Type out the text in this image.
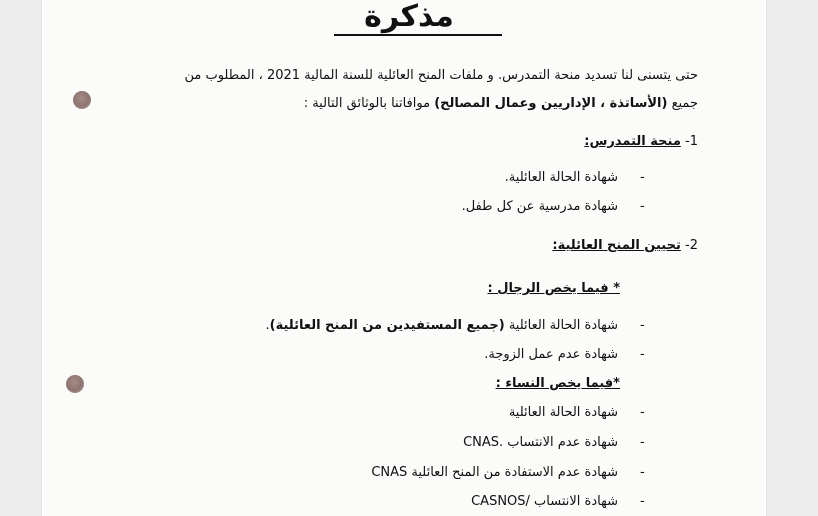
مذكرة
حتى يتسنى لنا تسديد منحة التمدرس. و ملفات المنح العائلية للسنة المالية 2021 ، المطلوب من
جميع (الأساتذة ، الإداريين وعمال المصالح) موافاتنا بالوثائق التالية :
1- منحة التمدرس:
-
شهادة الحالة العائلية.
-
شهادة مدرسية عن كل طفل.
2- تحيين المنح العائلية:
* فيما يخص الرجال :
-
شهادة الحالة العائلية (جميع المستفيدين من المنح العائلية).
-
شهادة عدم عمل الزوجة.
*فيما يخص النساء :
-
شهادة الحالة العائلية
-
شهادة عدم الانتساب .CNAS
-
شهادة عدم الاستفادة من المنح العائلية CNAS
-
شهادة الانتساب /CASNOS
